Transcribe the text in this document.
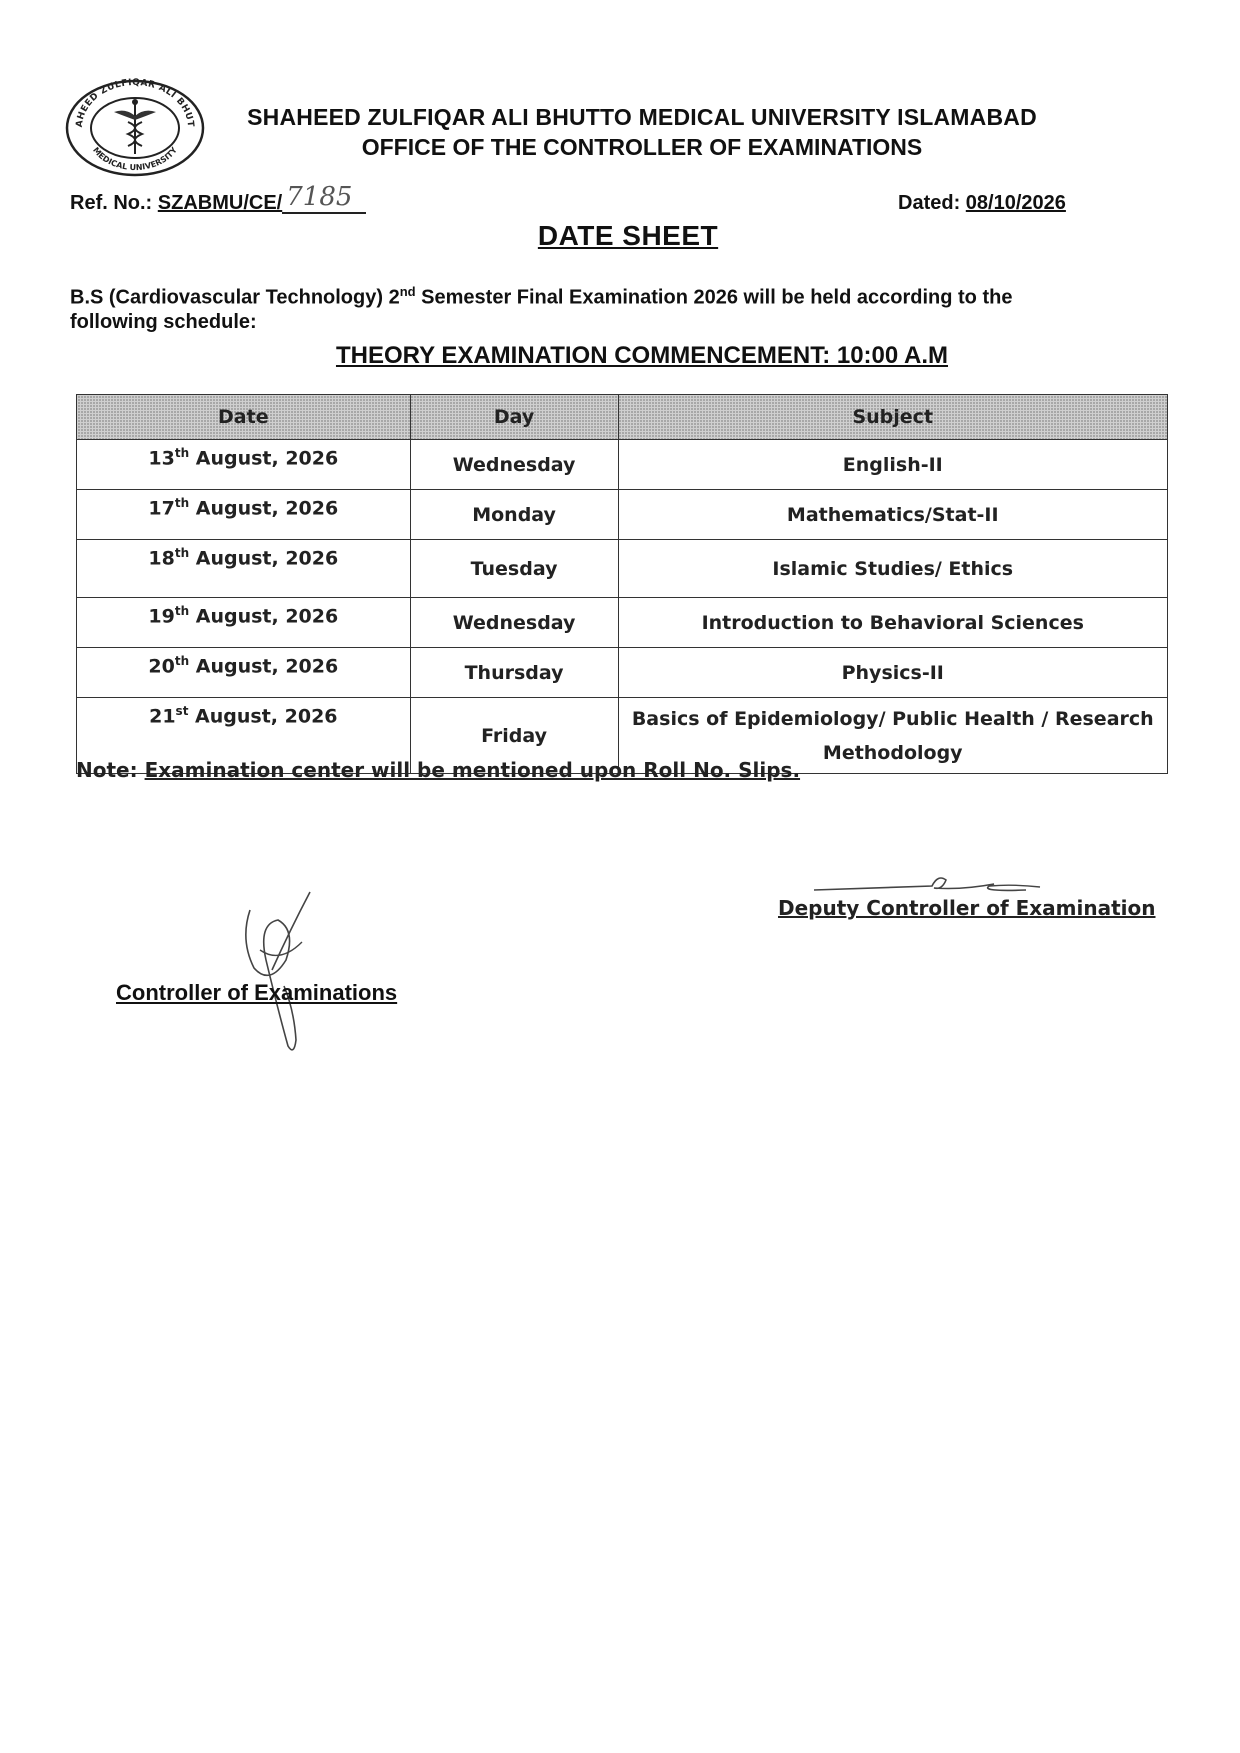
AHEED ZULFIQAR ALI BHUT
MEDICAL UNIVERSITY
SHAHEED ZULFIQAR ALI BHUTTO MEDICAL UNIVERSITY ISLAMABAD
OFFICE OF THE CONTROLLER OF EXAMINATIONS
Ref. No.: SZABMU/CE/ 7185	Dated: 08/10/2026
DATE SHEET
B.S (Cardiovascular Technology) 2nd Semester Final Examination 2026 will be held according to the following schedule:
THEORY EXAMINATION COMMENCEMENT: 10:00 A.M
Date	Day	Subject
13th August, 2026	Wednesday	English-II
17th August, 2026	Monday	Mathematics/Stat-II
18th August, 2026	Tuesday	Islamic Studies/ Ethics
19th August, 2026	Wednesday	Introduction to Behavioral Sciences
20th August, 2026	Thursday	Physics-II
21st August, 2026	Friday	Basics of Epidemiology/ Public Health / Research Methodology
Note: Examination center will be mentioned upon Roll No. Slips.
Deputy Controller of Examination
Controller of Examinations
